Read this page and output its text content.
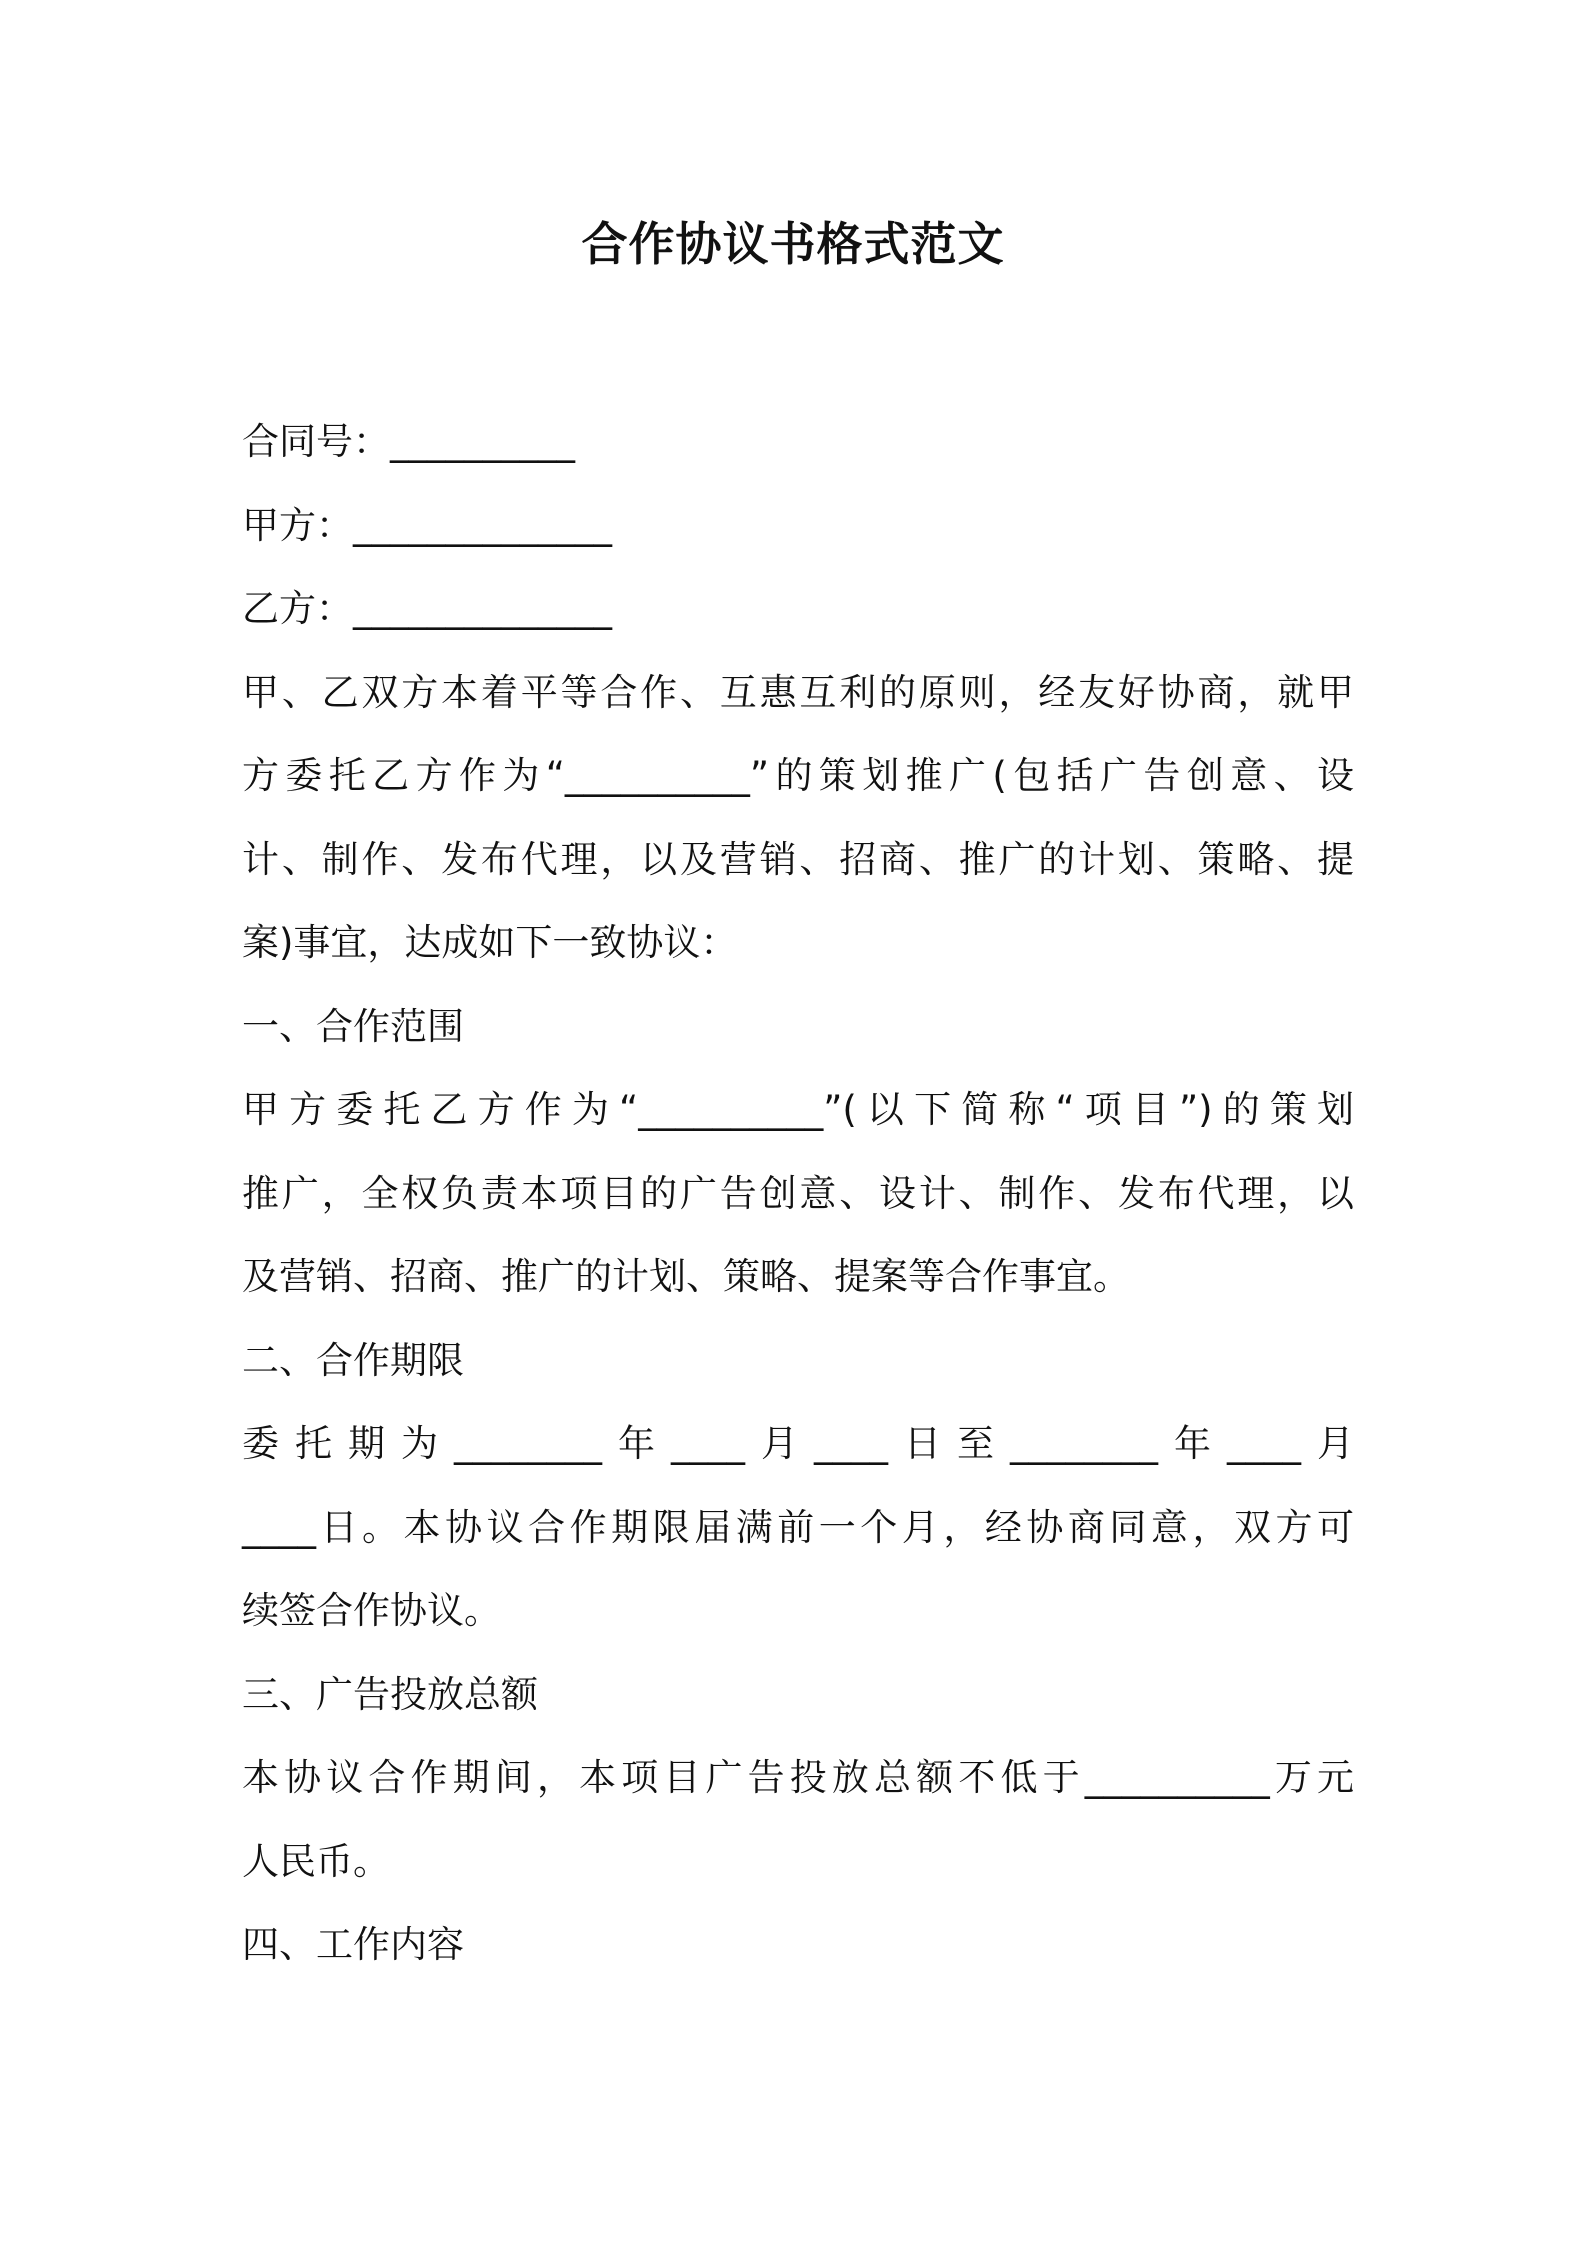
合作协议书格式范文

合同号：__________

甲方：______________

乙方：______________

甲、乙双方本着平等合作、互惠互利的原则，经友好协商，就甲

方委托乙方作为“__________”的策划推广(包括广告创意、设

计、制作、发布代理，以及营销、招商、推广的计划、策略、提

案)事宜，达成如下一致协议：

一、合作范围

甲方委托乙方作为“__________”(以下简称“项目”)的策划

推广，全权负责本项目的广告创意、设计、制作、发布代理，以

及营销、招商、推广的计划、策略、提案等合作事宜。

二、合作期限

委托期为________年____月____日至________年____月

____日。本协议合作期限届满前一个月，经协商同意，双方可

续签合作协议。

三、广告投放总额

本协议合作期间，本项目广告投放总额不低于__________万元

人民币。

四、工作内容
